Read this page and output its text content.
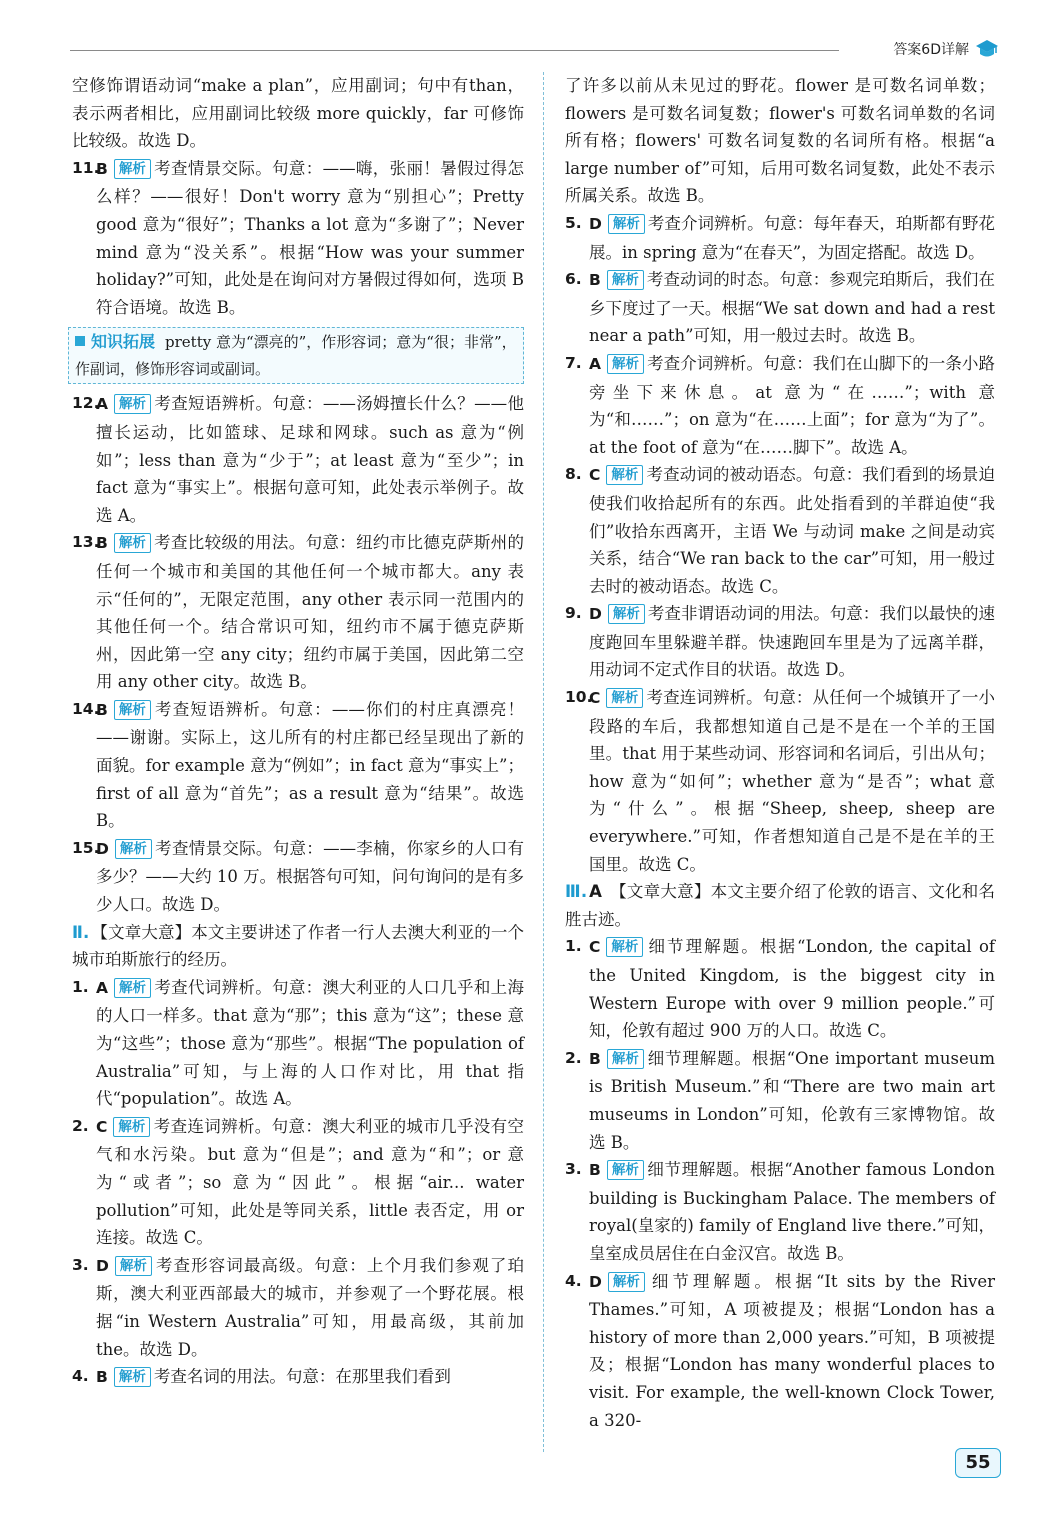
答案6D详解

空修饰谓语动词“make a plan”，应用副词；句中有than，表示两者相比，应用副词比较级 more quickly，far 可修饰比较级。故选 D。

11.
B 解析 考查情景交际。句意：——嗨，张丽！暑假过得怎么样？——很好！Don't worry 意为“别担心”；Pretty good 意为“很好”；Thanks a lot 意为“多谢了”；Never mind 意为“没关系”。根据“How was your summer holiday?”可知，此处是在询问对方暑假过得如何，选项 B 符合语境。故选 B。

知识拓展 pretty 意为“漂亮的”，作形容词；意为“很；非常”，作副词，修饰形容词或副词。

12.
A 解析 考查短语辨析。句意：——汤姆擅长什么？——他擅长运动，比如篮球、足球和网球。such as 意为“例如”；less than 意为“少于”；at least 意为“至少”；in fact 意为“事实上”。根据句意可知，此处表示举例子。故选 A。

13.
B 解析 考查比较级的用法。句意：纽约市比德克萨斯州的任何一个城市和美国的其他任何一个城市都大。any 表示“任何的”，无限定范围，any other 表示同一范围内的其他任何一个。结合常识可知，纽约市不属于德克萨斯州，因此第一空 any city；纽约市属于美国，因此第二空用 any other city。故选 B。

14.
B 解析 考查短语辨析。句意：——你们的村庄真漂亮！——谢谢。实际上，这儿所有的村庄都已经呈现出了新的面貌。for example 意为“例如”；in fact 意为“事实上”；first of all 意为“首先”；as a result 意为“结果”。故选 B。

15.
D 解析 考查情景交际。句意：——李楠，你家乡的人口有多少？——大约 10 万。根据答句可知，问句询问的是有多少人口。故选 D。

Ⅱ. 【文章大意】本文主要讲述了作者一行人去澳大利亚的一个城市珀斯旅行的经历。

1. A 解析 考查代词辨析。句意：澳大利亚的人口几乎和上海的人口一样多。that 意为“那”；this 意为“这”；these 意为“这些”；those 意为“那些”。根据“The population of Australia”可知，与上海的人口作对比，用 that 指代“population”。故选 A。

2. C 解析 考查连词辨析。句意：澳大利亚的城市几乎没有空气和水污染。but 意为“但是”；and 意为“和”；or 意为“或者”；so 意为“因此”。根据“air... water pollution”可知，此处是等同关系，little 表否定，用 or 连接。故选 C。

3. D 解析 考查形容词最高级。句意：上个月我们参观了珀斯，澳大利亚西部最大的城市，并参观了一个野花展。根据“in Western Australia”可知，用最高级，其前加 the。故选 D。

4. B 解析 考查名词的用法。句意：在那里我们看到

了许多以前从未见过的野花。flower 是可数名词单数；flowers 是可数名词复数；flower's 可数名词单数的名词所有格；flowers' 可数名词复数的名词所有格。根据“a large number of”可知，后用可数名词复数，此处不表示所属关系。故选 B。

5. D 解析 考查介词辨析。句意：每年春天，珀斯都有野花展。in spring 意为“在春天”，为固定搭配。故选 D。

6. B 解析 考查动词的时态。句意：参观完珀斯后，我们在乡下度过了一天。根据“We sat down and had a rest near a path”可知，用一般过去时。故选 B。

7. A 解析 考查介词辨析。句意：我们在山脚下的一条小路旁坐下来休息。at 意为“在……”；with 意为“和……”；on 意为“在……上面”；for 意为“为了”。at the foot of 意为“在……脚下”。故选 A。

8. C 解析 考查动词的被动语态。句意：我们看到的场景迫使我们收拾起所有的东西。此处指看到的羊群迫使“我们”收拾东西离开，主语 We 与动词 make 之间是动宾关系，结合“We ran back to the car”可知，用一般过去时的被动语态。故选 C。

9. D 解析 考查非谓语动词的用法。句意：我们以最快的速度跑回车里躲避羊群。快速跑回车里是为了远离羊群，用动词不定式作目的状语。故选 D。

10.
C 解析 考查连词辨析。句意：从任何一个城镇开了一小段路的车后，我都想知道自己是不是在一个羊的王国里。that 用于某些动词、形容词和名词后，引出从句；how 意为“如何”；whether 意为“是否”；what 意为“什么”。根据“Sheep, sheep, sheep are everywhere.”可知，作者想知道自己是不是在羊的王国里。故选 C。

Ⅲ. A 【文章大意】本文主要介绍了伦敦的语言、文化和名胜古迹。

1. C 解析 细节理解题。根据“London, the capital of the United Kingdom, is the biggest city in Western Europe with over 9 million people.”可知，伦敦有超过 900 万的人口。故选 C。

2. B 解析 细节理解题。根据“One important museum is British Museum.”和“There are two main art museums in London”可知，伦敦有三家博物馆。故选 B。

3. B 解析 细节理解题。根据“Another famous London building is Buckingham Palace. The members of royal(皇家的) family of England live there.”可知，皇室成员居住在白金汉宫。故选 B。

4. D 解析 细节理解题。根据“It sits by the River Thames.”可知，A 项被提及；根据“London has a history of more than 2,000 years.”可知，B 项被提及；根据“London has many wonderful places to visit. For example, the well-known Clock Tower, a 320-

55
